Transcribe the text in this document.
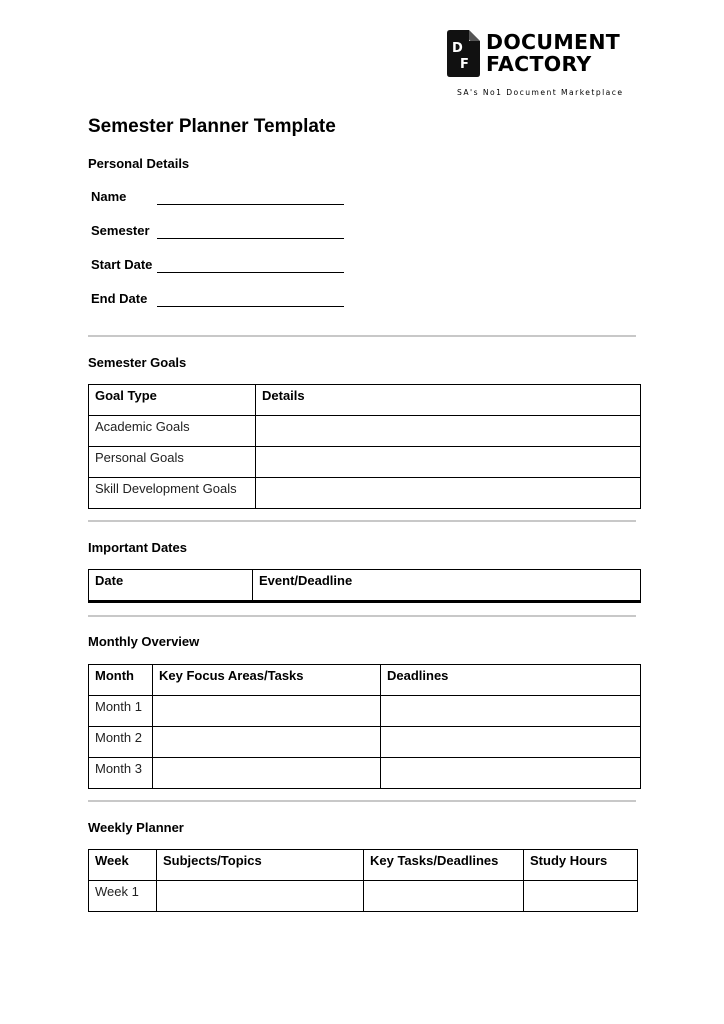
D
F
DOCUMENT
FACTORY
SA's No1 Document Marketplace
Semester Planner Template
Personal Details
Name
Semester
Start Date
End Date
Semester Goals
Goal Type	Details
Academic Goals	
Personal Goals	
Skill Development Goals	
Important Dates
Date	Event/Deadline
Monthly Overview
Month	Key Focus Areas/Tasks	Deadlines
Month 1		
Month 2		
Month 3		
Weekly Planner
Week	Subjects/Topics	Key Tasks/Deadlines	Study Hours
Week 1			
